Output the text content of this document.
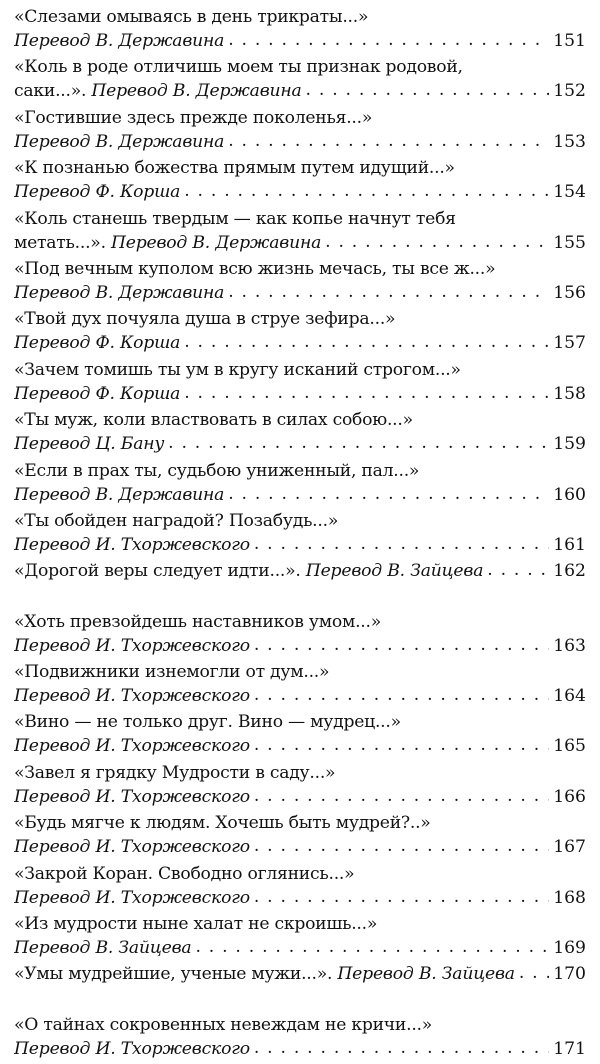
«Слезами омываясь в день трикраты...»
Перевод В. Державина . . .	151
«Коль в роде отличишь моем ты признак родовой,
саки...». Перевод В. Державина . . .	152
«Гостившие здесь прежде поколенья...»
Перевод В. Державина . . .	153
«К познанью божества прямым путем идущий...»
Перевод Ф. Корша . . .	154
«Коль станешь твердым — как копье начнут тебя
метать...». Перевод В. Державина . . .	155
«Под вечным куполом всю жизнь мечась, ты все ж...»
Перевод В. Державина . . .	156
«Твой дух почуяла душа в струе зефира...»
Перевод Ф. Корша . . .	157
«Зачем томишь ты ум в кругу исканий строгом...»
Перевод Ф. Корша . . .	158
«Ты муж, коли властвовать в силах собою...»
Перевод Ц. Бану . . .	159
«Если в прах ты, судьбою униженный, пал...»
Перевод В. Державина . . .	160
«Ты обойден наградой? Позабудь...»
Перевод И. Тхоржевского . . .	161
«Дорогой веры следует идти...». Перевод В. Зайцева . . .	162
«Хоть превзойдешь наставников умом...»
Перевод И. Тхоржевского . . .	163
«Подвижники изнемогли от дум...»
Перевод И. Тхоржевского . . .	164
«Вино — не только друг. Вино — мудрец...»
Перевод И. Тхоржевского . . .	165
«Завел я грядку Мудрости в саду...»
Перевод И. Тхоржевского . . .	166
«Будь мягче к людям. Хочешь быть мудрей?..»
Перевод И. Тхоржевского . . .	167
«Закрой Коран. Свободно оглянись...»
Перевод И. Тхоржевского . . .	168
«Из мудрости ныне халат не скроишь...»
Перевод В. Зайцева . . .	169
«Умы мудрейшие, ученые мужи...». Перевод В. Зайцева . . . 170
«О тайнах сокровенных невеждам не кричи...»
Перевод И. Тхоржевского . . .	171
